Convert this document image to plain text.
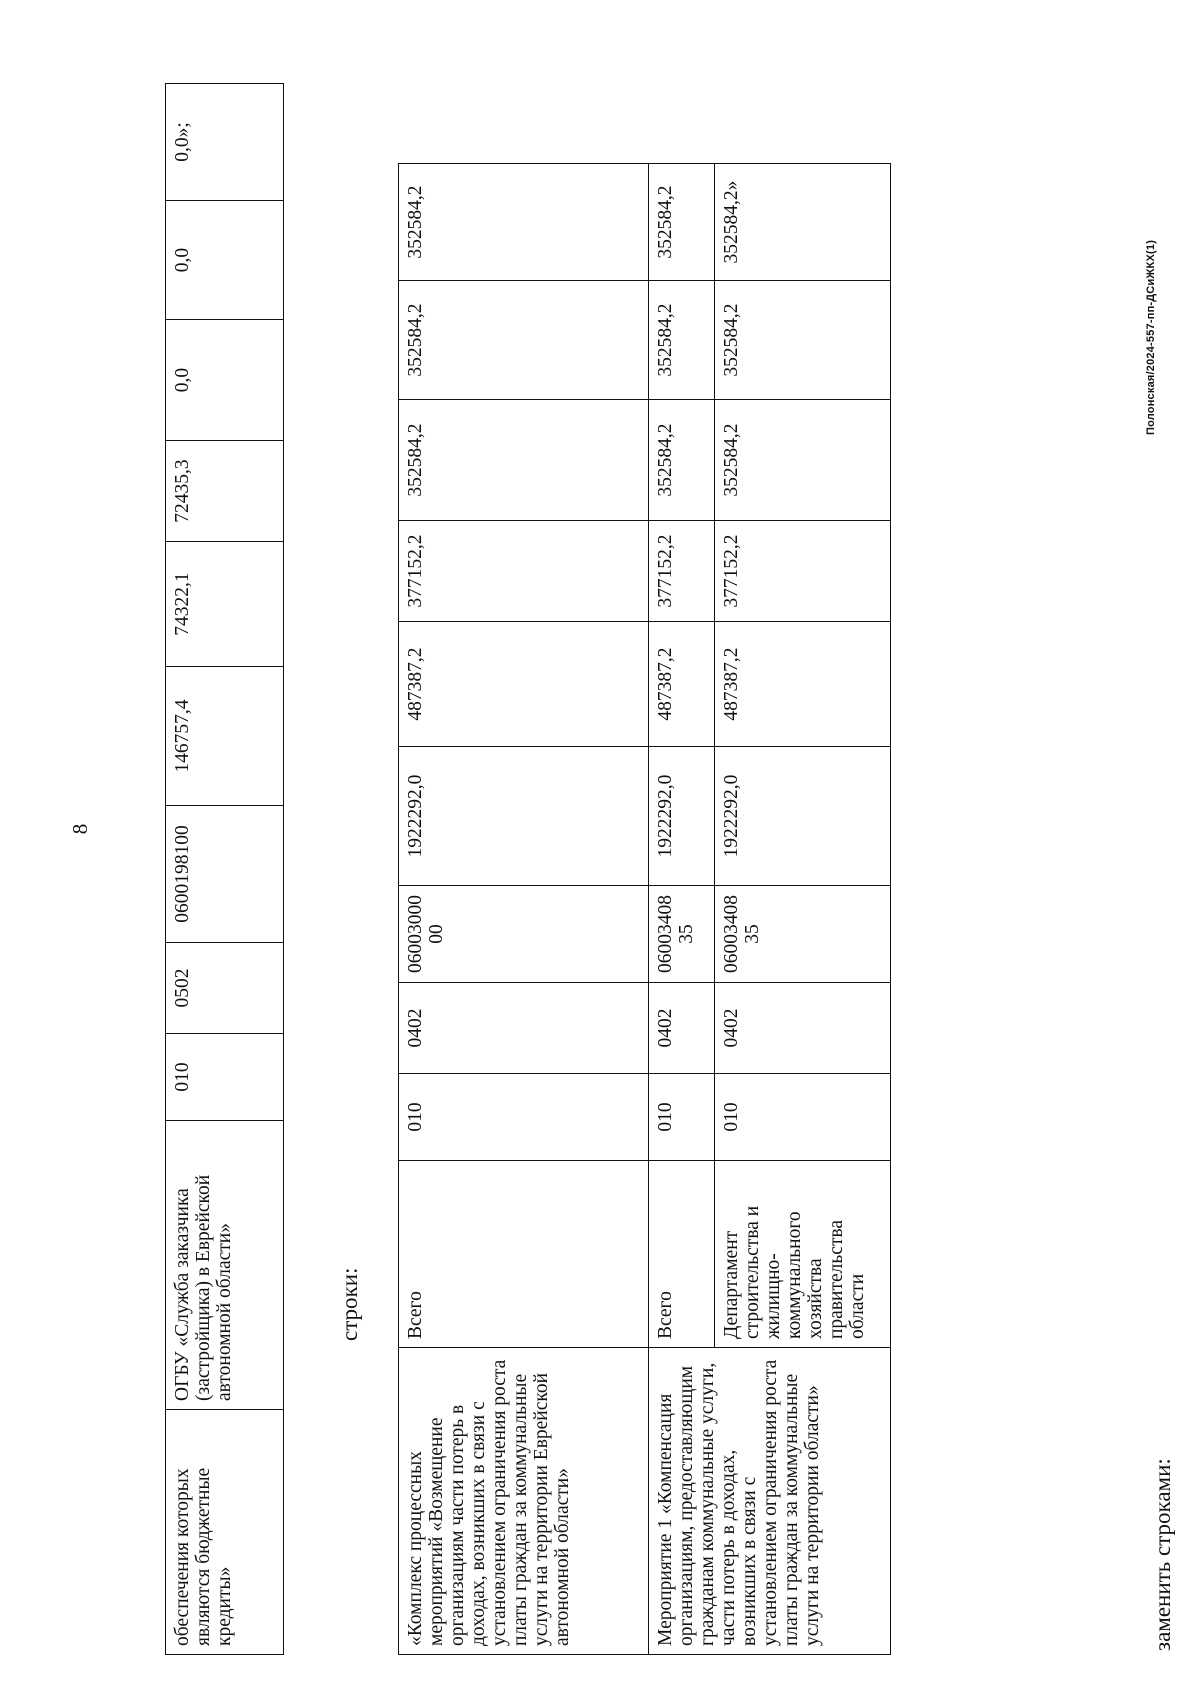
8
обеспечения которых являются бюджетные кредиты»	ОГБУ «Служба заказчика (застройщика) в Еврейской автономной области»	010	0502	0600198100	146757,4	74322,1	72435,3	0,0	0,0	0,0»;
строки:
«Комплекс процессных мероприятий «Возмещение организациям части потерь в доходах, возникших в связи с установлением ограничения роста платы граждан за коммунальные услуги на территории Еврейской автономной области»	Всего	010	0402	0600300000	1922292,0	487387,2	377152,2	352584,2	352584,2	352584,2
Мероприятие 1 «Компенсация организациям, предоставляющим гражданам коммунальные услуги, части потерь в доходах, возникших в связи с установлением ограничения роста платы граждан за коммунальные услуги на территории области»	Всего	010	0402	0600340835	1922292,0	487387,2	377152,2	352584,2	352584,2	352584,2
	Департамент строительства и жилищно-коммунального хозяйства правительства области	010	0402	0600340835	1922292,0	487387,2	377152,2	352584,2	352584,2	352584,2»
заменить строками:
Полонская/2024-557-пп-ДСиЖКХ(1)
